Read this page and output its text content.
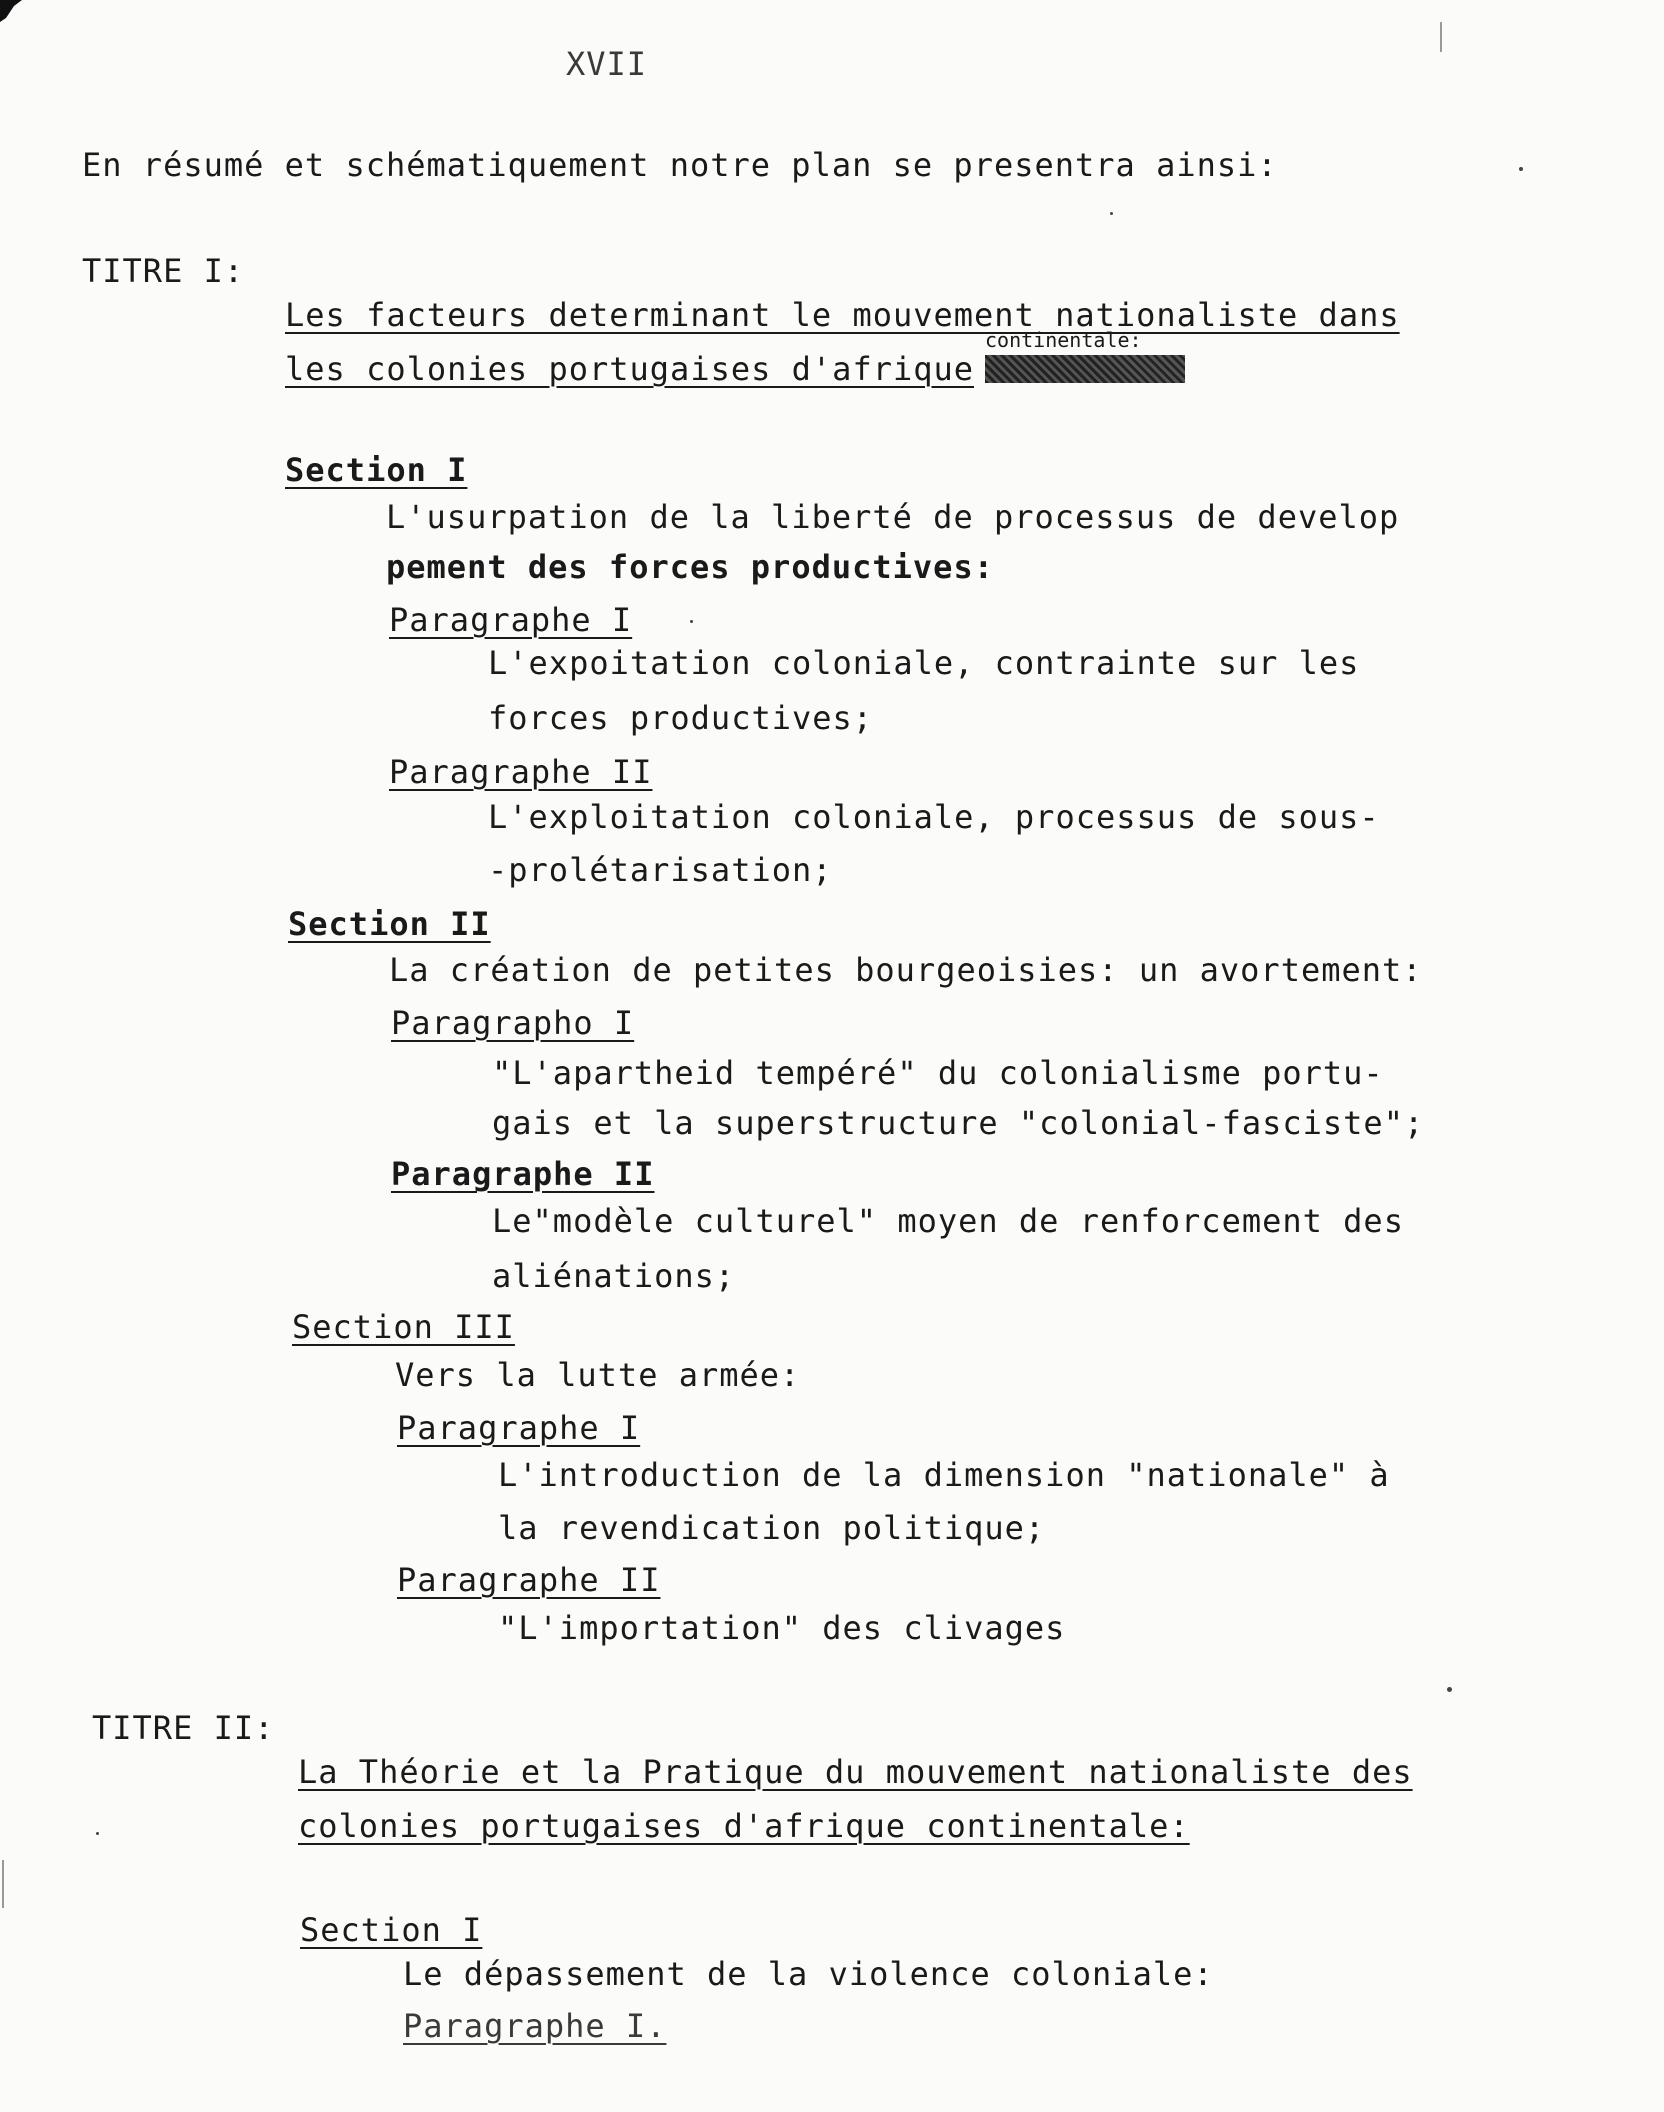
XVII
En résumé et schématiquement notre plan se presentra ainsi:
TITRE I:
Les facteurs determinant le mouvement nationaliste dans
continentale:
les colonies portugaises d'afrique
Section I
L'usurpation de la liberté de processus de develop
pement des forces productives:
Paragraphe I
L'expoitation coloniale, contrainte sur les
forces productives;
Paragraphe II
L'exploitation coloniale, processus de sous-
-prolétarisation;
Section II
La création de petites bourgeoisies: un avortement:
Paragrapho I
"L'apartheid tempéré" du colonialisme portu-
gais et la superstructure "colonial-fasciste";
Paragraphe II
Le"modèle culturel" moyen de renforcement des
aliénations;
Section III
Vers la lutte armée:
Paragraphe I
L'introduction de la dimension "nationale" à
la revendication politique;
Paragraphe II
"L'importation" des clivages
TITRE II:
La Théorie et la Pratique du mouvement nationaliste des
colonies portugaises d'afrique continentale:
Section I
Le dépassement de la violence coloniale:
Paragraphe I.
